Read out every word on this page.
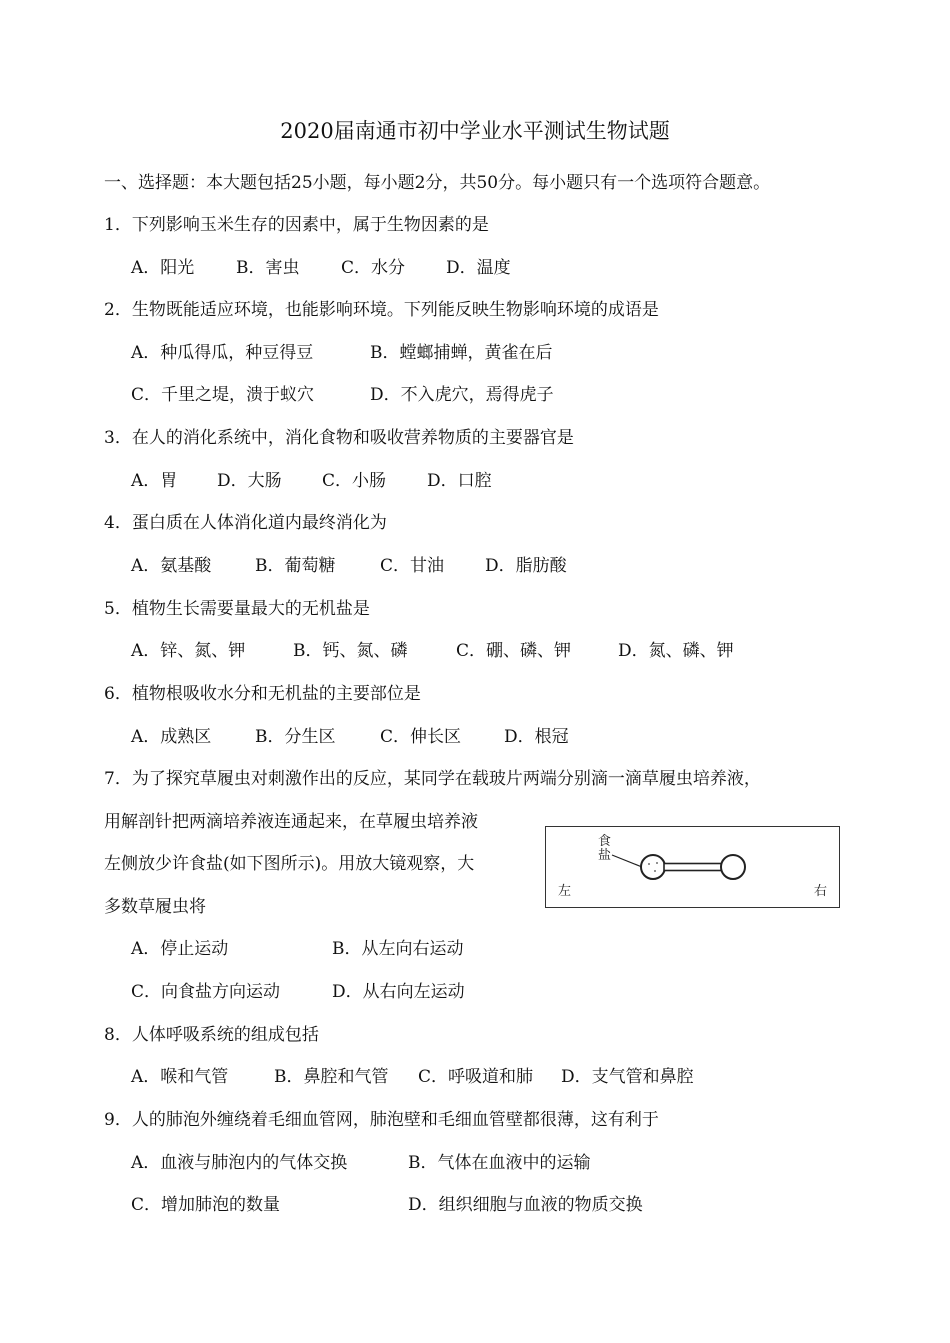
2020届南通市初中学业水平测试生物试题
一、选择题：本大题包括25小题，每小题2分，共50分。每小题只有一个选项符合题意。
1．下列影响玉米生存的因素中，属于生物因素的是
A．阳光 B．害虫 C．水分 D．温度
2．生物既能适应环境，也能影响环境。下列能反映生物影响环境的成语是
A．种瓜得瓜，种豆得豆	B．螳螂捕蝉，黄雀在后
C．千里之堤，溃于蚁穴	D．不入虎穴，焉得虎子
3．在人的消化系统中，消化食物和吸收营养物质的主要器官是
A．胃 D．大肠 C．小肠 D．口腔
4．蛋白质在人体消化道内最终消化为
A．氨基酸	B．葡萄糖	C．甘油 D．脂肪酸
5．植物生长需要量最大的无机盐是
A．锌、氮、钾	B．钙、氮、磷	C．硼、磷、钾	D．氮、磷、钾
6．植物根吸收水分和无机盐的主要部位是
A．成熟区	B．分生区	C．伸长区	D．根冠
7．为了探究草履虫对刺激作出的反应，某同学在载玻片两端分别滴一滴草履虫培养液，
用解剖针把两滴培养液连通起来，在草履虫培养液
左侧放少许食盐(如下图所示)。用放大镜观察，大
多数草履虫将
食盐
左	右
A．停止运动	B．从左向右运动
C．向食盐方向运动	D．从右向左运动
8．人体呼吸系统的组成包括
A．喉和气管	B．鼻腔和气管 C．呼吸道和肺 D．支气管和鼻腔
9．人的肺泡外缠绕着毛细血管网，肺泡壁和毛细血管壁都很薄，这有利于
A．血液与肺泡内的气体交换	B．气体在血液中的运输
C．增加肺泡的数量	D．组织细胞与血液的物质交换
